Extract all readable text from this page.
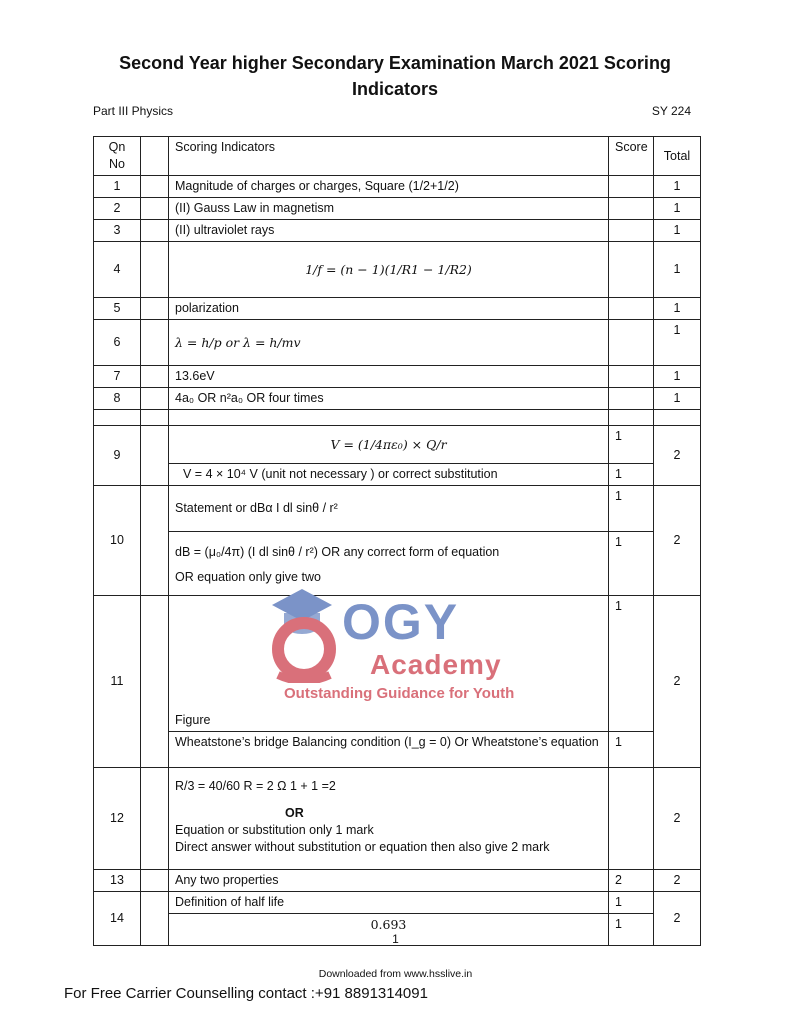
Second Year higher Secondary Examination March 2021 Scoring
Indicators
Part III Physics	SY 224
Qn
No		Scoring Indicators	Score	Total
1		Magnitude of charges or charges, Square (1/2+1/2)		1
2		(II) Gauss Law in magnetism		1
3		(II) ultraviolet rays		1
4		1/f = (n − 1)(1/R1 − 1/R2)		1
5		polarization		1
6		λ = h/p or λ = h/mv		1
7		13.6eV		1
8		4a₀ OR n²a₀ OR four times		1

9		V = (1/4πε₀) × Q/r	1	2
		V = 4 × 10⁴ V (unit not necessary ) or correct substitution	1	
10		Statement or dBα I dl sinθ / r²	1	2

		dB = (μ₀/4π) (I dl sinθ / r²) OR any correct form of equation
OR equation only give two	1	
11		Figure	1	2
		Wheatstone’s bridge Balancing condition (I_g = 0) Or Wheatstone’s equation	1	
12		R/3 = 40/60 R = 2 Ω 1 + 1 =2
OR
Equation or substitution only 1 mark
Direct answer without substitution or equation then also give 2 mark		2
13		Any two properties	2	2
14		Definition of half life	1	2
		0.693	1	
OGY
Academy
Outstanding Guidance for Youth
1
Downloaded from www.hsslive.in
For Free Carrier Counselling contact :+91 8891314091
